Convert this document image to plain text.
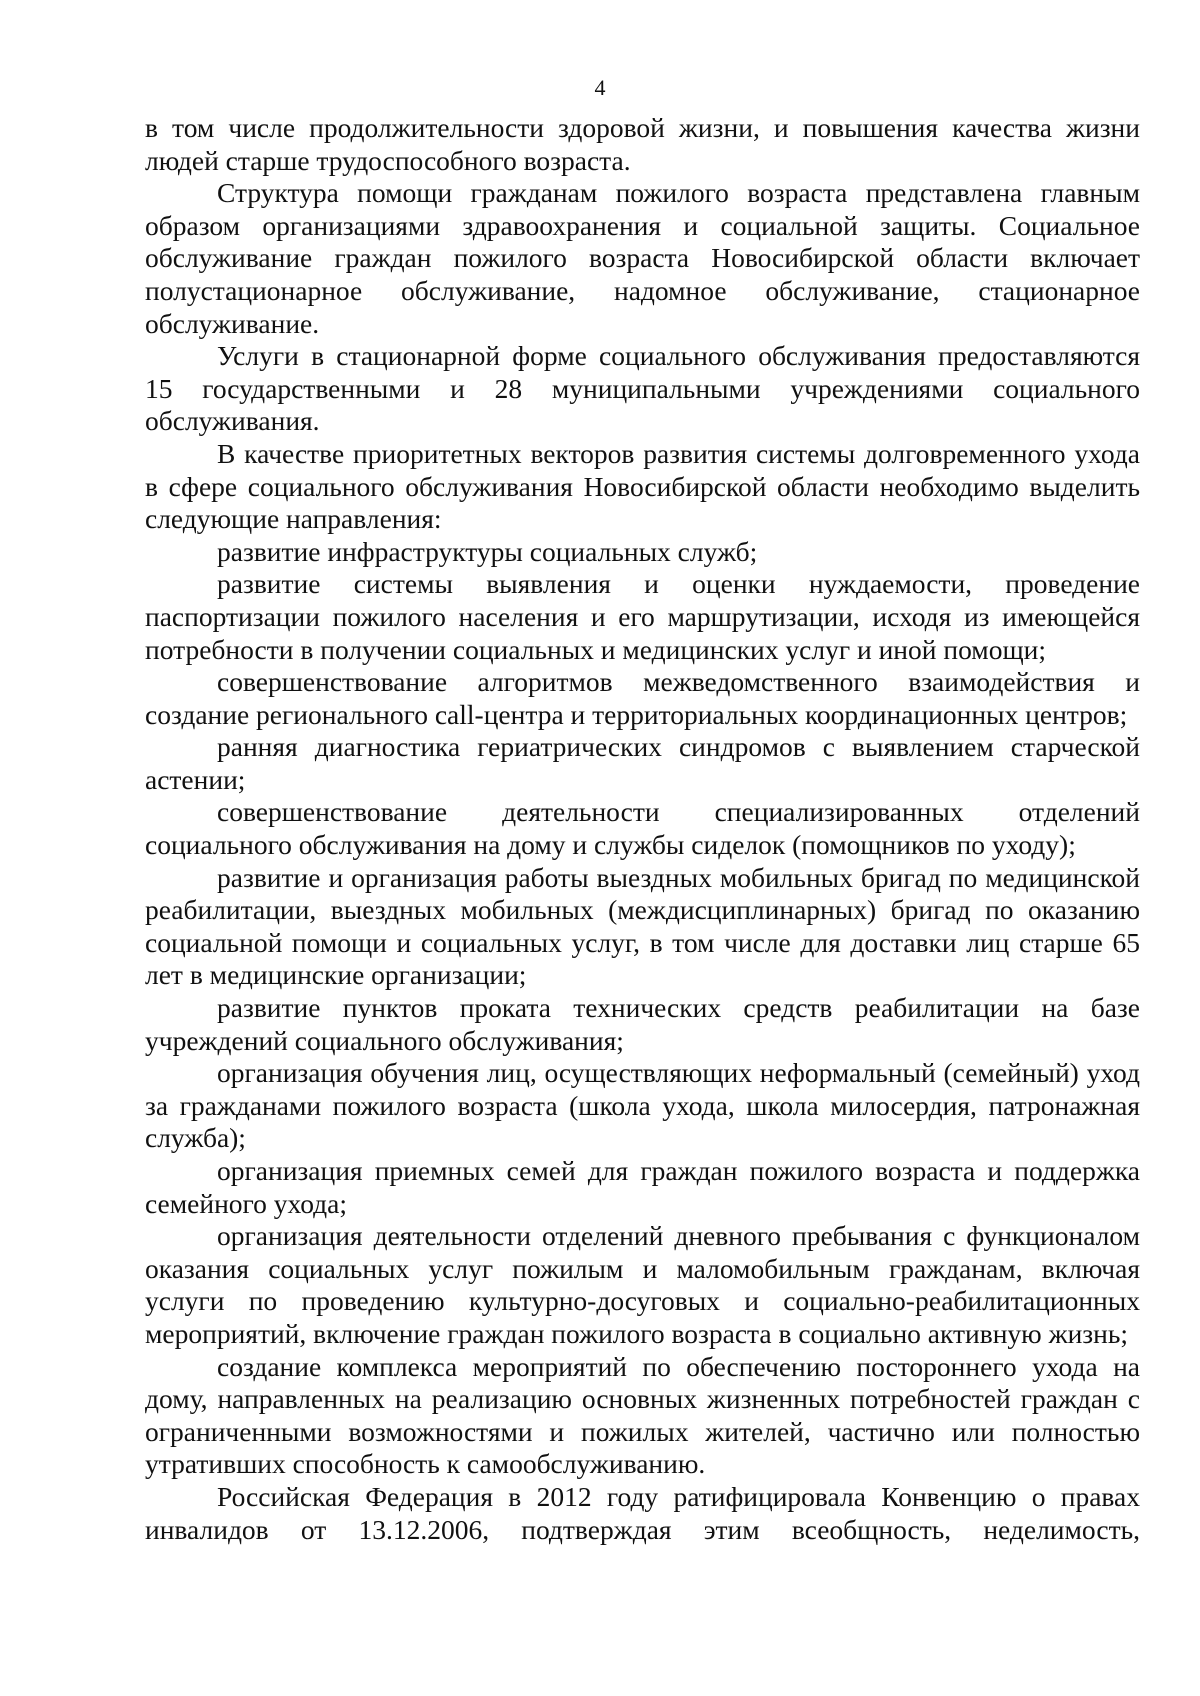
4

в том числе продолжительности здоровой жизни, и повышения качества жизни людей старше трудоспособного возраста.

Структура помощи гражданам пожилого возраста представлена главным образом организациями здравоохранения и социальной защиты. Социальное обслуживание граждан пожилого возраста Новосибирской области включает полустационарное обслуживание, надомное обслуживание, стационарное обслуживание.

Услуги в стационарной форме социального обслуживания предоставляются 15 государственными и 28 муниципальными учреждениями социального обслуживания.

В качестве приоритетных векторов развития системы долговременного ухода в сфере социального обслуживания Новосибирской области необходимо выделить следующие направления:

развитие инфраструктуры социальных служб;

развитие системы выявления и оценки нуждаемости, проведение паспортизации пожилого населения и его маршрутизации, исходя из имеющейся потребности в получении социальных и медицинских услуг и иной помощи;

совершенствование алгоритмов межведомственного взаимодействия и создание регионального call-центра и территориальных координационных центров;

ранняя диагностика гериатрических синдромов с выявлением старческой астении;

совершенствование деятельности специализированных отделений социального обслуживания на дому и службы сиделок (помощников по уходу);

развитие и организация работы выездных мобильных бригад по медицинской реабилитации, выездных мобильных (междисциплинарных) бригад по оказанию социальной помощи и социальных услуг, в том числе для доставки лиц старше 65 лет в медицинские организации;

развитие пунктов проката технических средств реабилитации на базе учреждений социального обслуживания;

организация обучения лиц, осуществляющих неформальный (семейный) уход за гражданами пожилого возраста (школа ухода, школа милосердия, патронажная служба);

организация приемных семей для граждан пожилого возраста и поддержка семейного ухода;

организация деятельности отделений дневного пребывания с функционалом оказания социальных услуг пожилым и маломобильным гражданам, включая услуги по проведению культурно-досуговых и социально-реабилитационных мероприятий, включение граждан пожилого возраста в социально активную жизнь;

создание комплекса мероприятий по обеспечению постороннего ухода на дому, направленных на реализацию основных жизненных потребностей граждан с ограниченными возможностями и пожилых жителей, частично или полностью утративших способность к самообслуживанию.

Российская Федерация в 2012 году ратифицировала Конвенцию о правах инвалидов от 13.12.2006, подтверждая этим всеобщность, неделимость,
